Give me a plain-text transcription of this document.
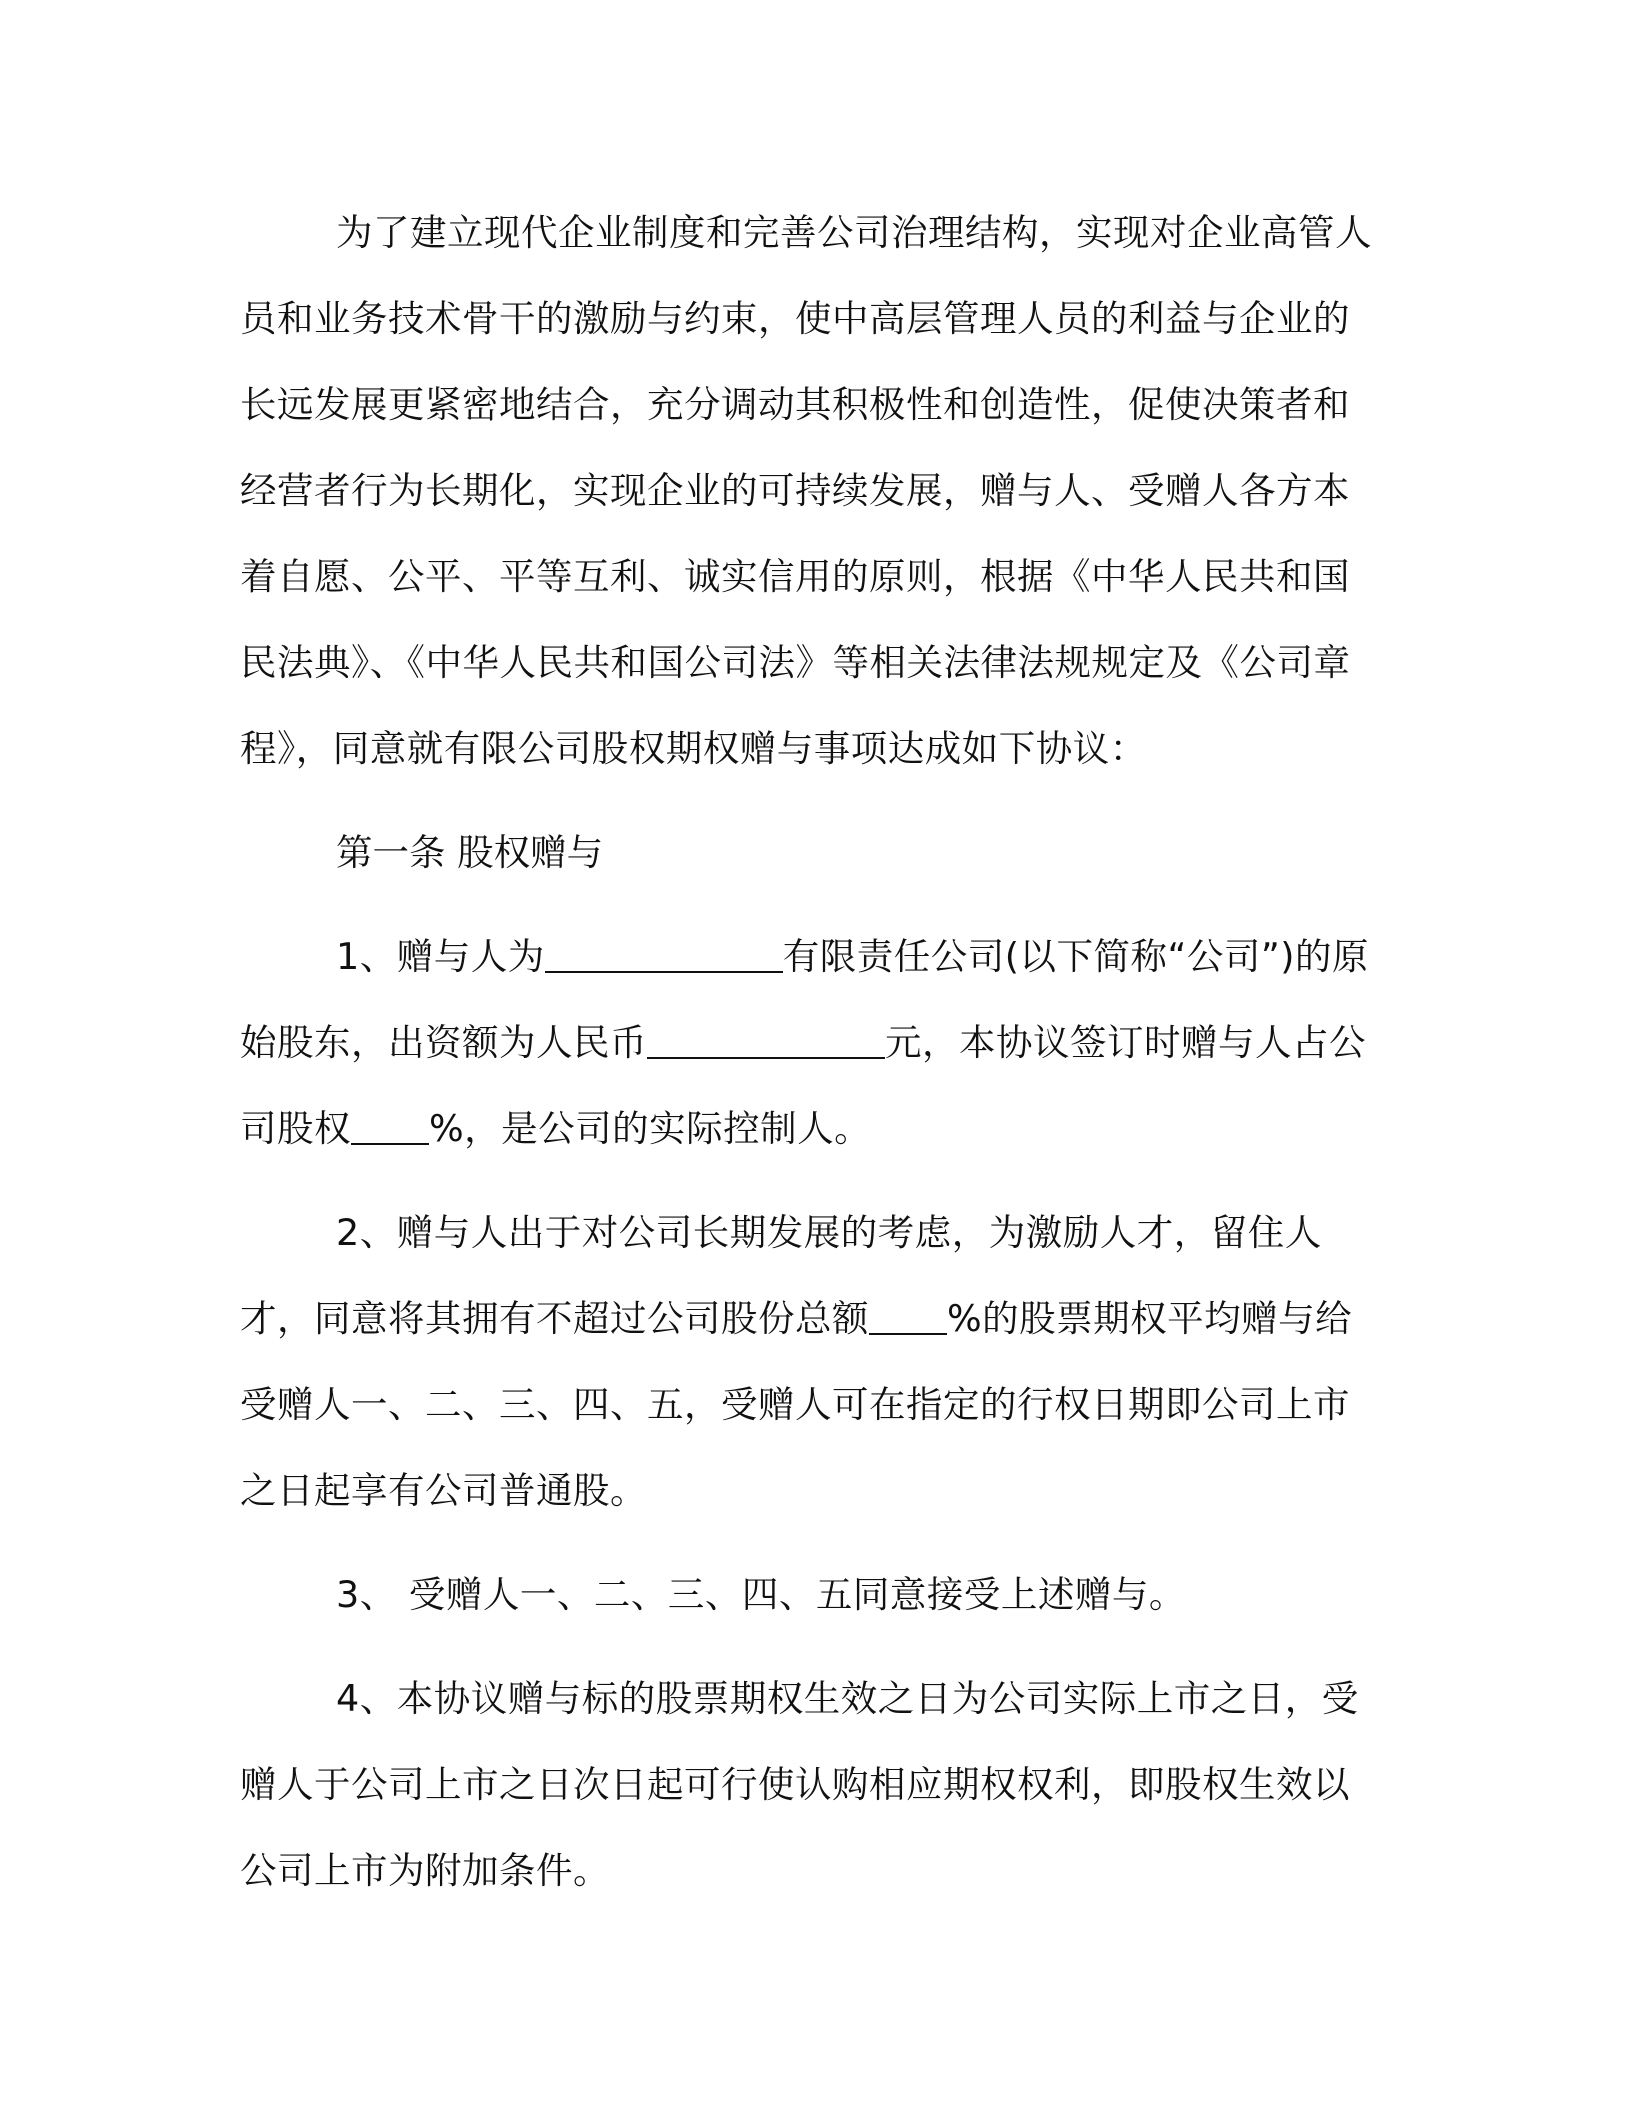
为了建立现代企业制度和完善公司治理结构，实现对企业高管人员和业务技术骨干的激励与约束，使中高层管理人员的利益与企业的长远发展更紧密地结合，充分调动其积极性和创造性，促使决策者和经营者行为长期化，实现企业的可持续发展，赠与人、受赠人各方本着自愿、公平、平等互利、诚实信用的原则，根据《中华人民共和国民法典》、《中华人民共和国公司法》等相关法律法规规定及《公司章程》，同意就有限公司股权期权赠与事项达成如下协议：

第一条 股权赠与

1、赠与人为	有限责任公司(以下简称“公司”)的原始股东，出资额为人民币	元，本协议签订时赠与人占公司股权 %，是公司的实际控制人。

2、赠与人出于对公司长期发展的考虑，为激励人才，留住人才，同意将其拥有不超过公司股份总额 %的股票期权平均赠与给受赠人一、二、三、四、五，受赠人可在指定的行权日期即公司上市之日起享有公司普通股。

3、 受赠人一、二、三、四、五同意接受上述赠与。

4、本协议赠与标的股票期权生效之日为公司实际上市之日，受赠人于公司上市之日次日起可行使认购相应期权权利，即股权生效以公司上市为附加条件。
